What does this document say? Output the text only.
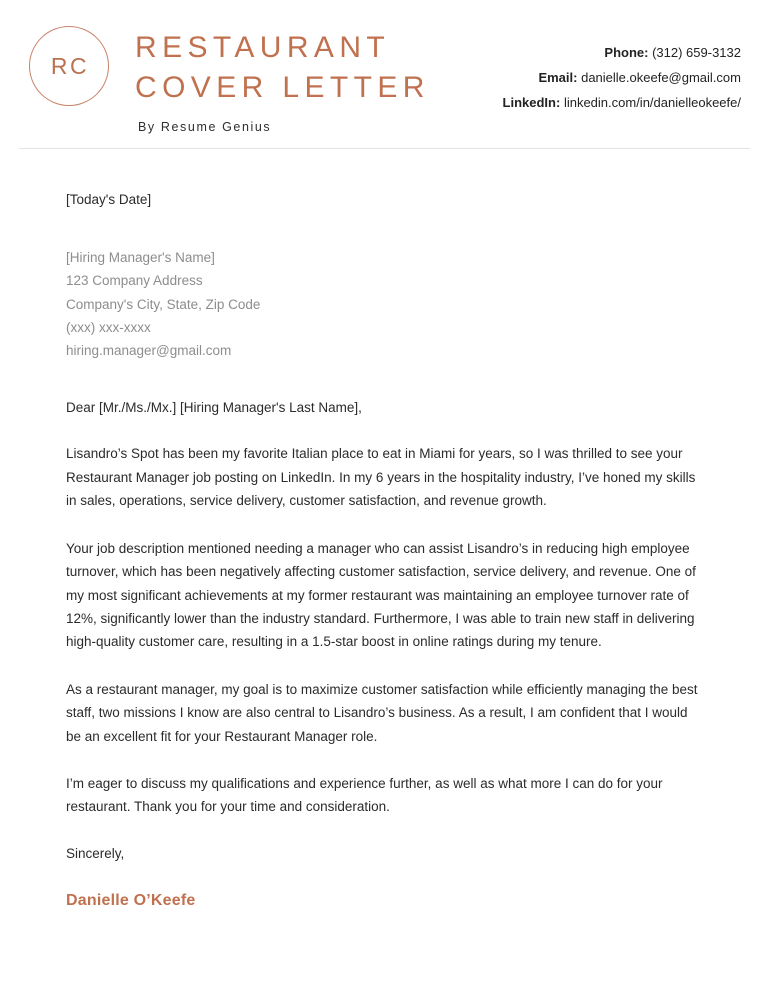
RC
RESTAURANT
COVER LETTER
By Resume Genius
Phone: (312) 659-3132
Email: danielle.okeefe@gmail.com
LinkedIn: linkedin.com/in/danielleokeefe/
[Today's Date]
[Hiring Manager's Name]
123 Company Address
Company's City, State, Zip Code
(xxx) xxx-xxxx
hiring.manager@gmail.com
Dear [Mr./Ms./Mx.] [Hiring Manager's Last Name],
Lisandro’s Spot has been my favorite Italian place to eat in Miami for years, so I was thrilled to see your Restaurant Manager job posting on LinkedIn. In my 6 years in the hospitality industry, I’ve honed my skills in sales, operations, service delivery, customer satisfaction, and revenue growth.
Your job description mentioned needing a manager who can assist Lisandro’s in reducing high employee turnover, which has been negatively affecting customer satisfaction, service delivery, and revenue. One of my most significant achievements at my former restaurant was maintaining an employee turnover rate of 12%, significantly lower than the industry standard. Furthermore, I was able to train new staff in delivering high-quality customer care, resulting in a 1.5-star boost in online ratings during my tenure.
As a restaurant manager, my goal is to maximize customer satisfaction while efficiently managing the best staff, two missions I know are also central to Lisandro’s business. As a result, I am confident that I would be an excellent fit for your Restaurant Manager role.
I’m eager to discuss my qualifications and experience further, as well as what more I can do for your restaurant. Thank you for your time and consideration.
Sincerely,
Danielle O’Keefe
